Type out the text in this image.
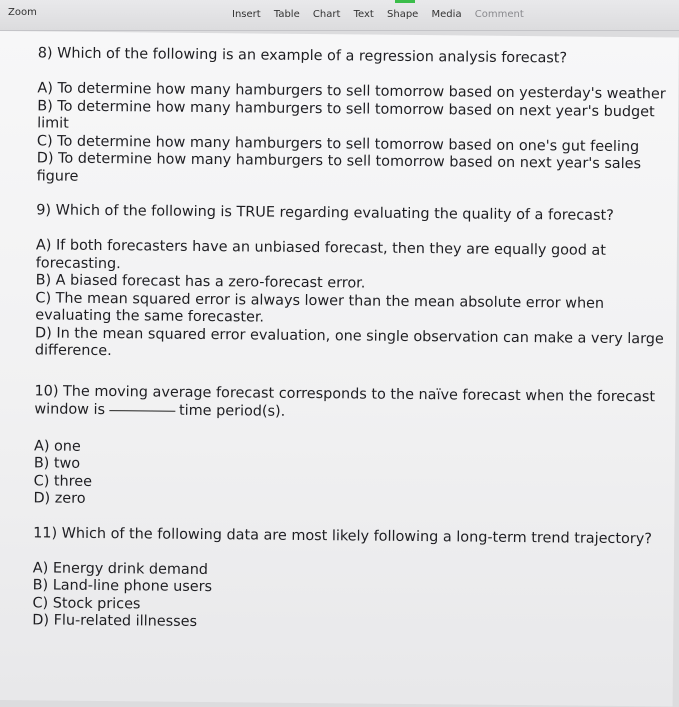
Zoom	Insert Table Chart Text Shape Media Comment

8) Which of the following is an example of a regression analysis forecast?

A) To determine how many hamburgers to sell tomorrow based on yesterday's weather

B) To determine how many hamburgers to sell tomorrow based on next year's budget limit

C) To determine how many hamburgers to sell tomorrow based on one's gut feeling

D) To determine how many hamburgers to sell tomorrow based on next year's sales figure

9) Which of the following is TRUE regarding evaluating the quality of a forecast?

A) If both forecasters have an unbiased forecast, then they are equally good at forecasting.

B) A biased forecast has a zero-forecast error.

C) The mean squared error is always lower than the mean absolute error when evaluating the same forecaster.

D) In the mean squared error evaluation, one single observation can make a very large difference.

10) The moving average forecast corresponds to the naïve forecast when the forecast window is	time period(s).

A) one

B) two

C) three

D) zero

11) Which of the following data are most likely following a long-term trend trajectory?

A) Energy drink demand

B) Land-line phone users

C) Stock prices

D) Flu-related illnesses
